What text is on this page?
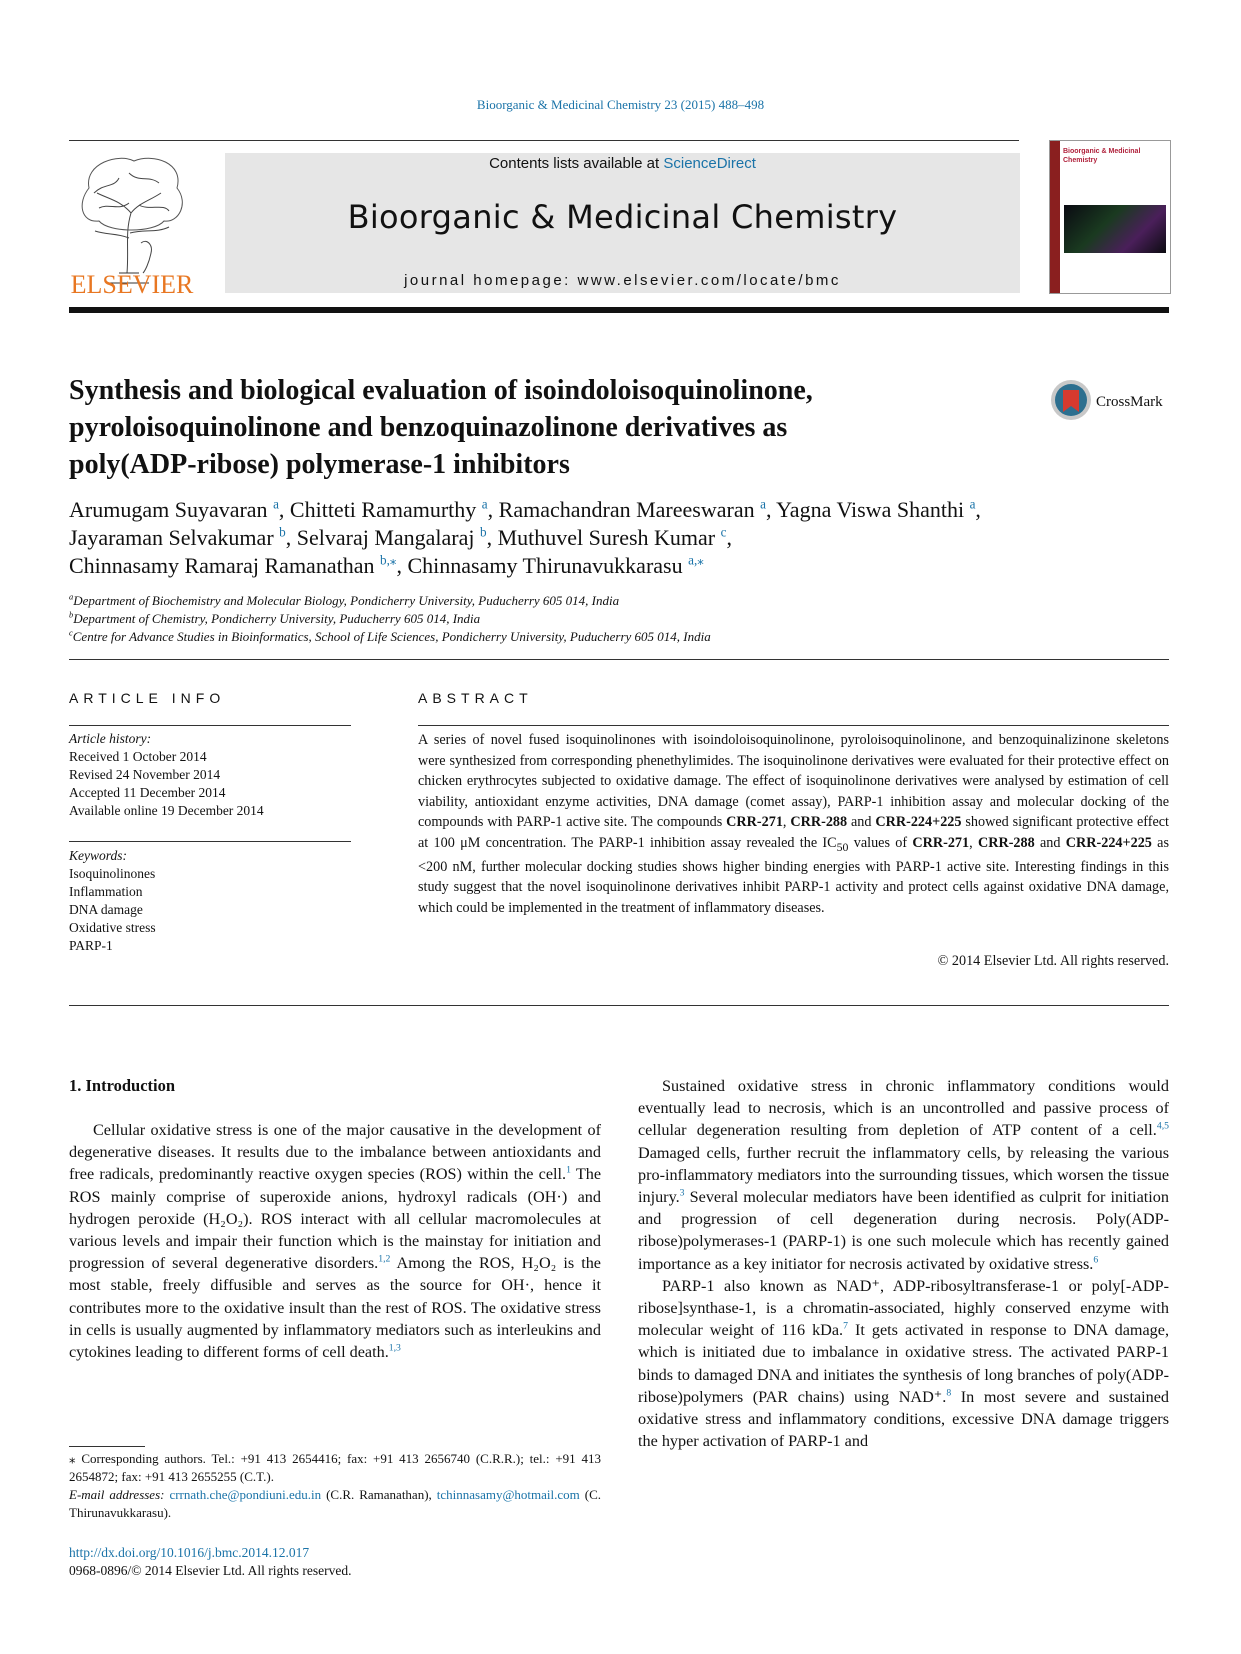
Bioorganic & Medicinal Chemistry 23 (2015) 488–498
ELSEVIER
Contents lists available at ScienceDirect
Bioorganic & Medicinal Chemistry
journal homepage: www.elsevier.com/locate/bmc
Bioorganic & Medicinal Chemistry
Synthesis and biological evaluation of isoindoloisoquinolinone,
pyroloisoquinolinone and benzoquinazolinone derivatives as
poly(ADP-ribose) polymerase-1 inhibitors
CrossMark
Arumugam Suyavaran $^a$, Chitteti Ramamurthy $^a$, Ramachandran Mareeswaran $^a$, Yagna Viswa Shanthi $^a$,
Jayaraman Selvakumar $^b$, Selvaraj Mangalaraj $^b$, Muthuvel Suresh Kumar $^c$,
Chinnasamy Ramaraj Ramanathan $^{b,⁎}$, Chinnasamy Thirunavukkarasu $^{a,⁎}$
$^a$Department of Biochemistry and Molecular Biology, Pondicherry University, Puducherry 605 014, India
$^b$Department of Chemistry, Pondicherry University, Puducherry 605 014, India
$^c$Centre for Advance Studies in Bioinformatics, School of Life Sciences, Pondicherry University, Puducherry 605 014, India
ARTICLE INFO	ABSTRACT
Article history:
Received 1 October 2014
Revised 24 November 2014
Accepted 11 December 2014
Available online 19 December 2014
Keywords:
Isoquinolinones
Inflammation
DNA damage
Oxidative stress
PARP-1
A series of novel fused isoquinolinones with isoindoloisoquinolinone, pyroloisoquinolinone, and benzoquinalizinone skeletons were synthesized from corresponding phenethylimides. The isoquinolinone derivatives were evaluated for their protective effect on chicken erythrocytes subjected to oxidative damage. The effect of isoquinolinone derivatives were analysed by estimation of cell viability, antioxidant enzyme activities, DNA damage (comet assay), PARP-1 inhibition assay and molecular docking of the compounds with PARP-1 active site. The compounds CRR-271, CRR-288 and CRR-224+225 showed significant protective effect at 100 μM concentration. The PARP-1 inhibition assay revealed the $IC_{50}$ values of CRR-271, CRR-288 and CRR-224+225 as <200 nM, further molecular docking studies shows higher binding energies with PARP-1 active site. Interesting findings in this study suggest that the novel isoquinolinone derivatives inhibit PARP-1 activity and protect cells against oxidative DNA damage, which could be implemented in the treatment of inflammatory diseases.
© 2014 Elsevier Ltd. All rights reserved.
1. Introduction
Cellular oxidative stress is one of the major causative in the development of degenerative diseases. It results due to the imbalance between antioxidants and free radicals, predominantly reactive oxygen species (ROS) within the cell.$^1$ The ROS mainly comprise of superoxide anions, hydroxyl radicals (OH·) and hydrogen peroxide (H₂O₂). ROS interact with all cellular macromolecules at various levels and impair their function which is the mainstay for initiation and progression of several degenerative disorders.$^{1,2}$ Among the ROS, H₂O₂ is the most stable, freely diffusible and serves as the source for OH·, hence it contributes more to the oxidative insult than the rest of ROS. The oxidative stress in cells is usually augmented by inflammatory mediators such as interleukins and cytokines leading to different forms of cell death.$^{1,3}$

Sustained oxidative stress in chronic inflammatory conditions would eventually lead to necrosis, which is an uncontrolled and passive process of cellular degeneration resulting from depletion of ATP content of a cell.$^{4,5}$ Damaged cells, further recruit the inflammatory cells, by releasing the various pro-inflammatory mediators into the surrounding tissues, which worsen the tissue injury.$^3$ Several molecular mediators have been identified as culprit for initiation and progression of cell degeneration during necrosis. Poly(ADP-ribose)polymerases-1 (PARP-1) is one such molecule which has recently gained importance as a key initiator for necrosis activated by oxidative stress.$^6$

PARP-1 also known as NAD⁺, ADP-ribosyltransferase-1 or poly[-ADP-ribose]synthase-1, is a chromatin-associated, highly conserved enzyme with molecular weight of 116 kDa.$^7$ It gets activated in response to DNA damage, which is initiated due to imbalance in oxidative stress. The activated PARP-1 binds to damaged DNA and initiates the synthesis of long branches of poly(ADP-ribose)polymers (PAR chains) using NAD⁺.$^8$ In most severe and sustained oxidative stress and inflammatory conditions, excessive DNA damage triggers the hyper activation of PARP-1 and

⁎ Corresponding authors. Tel.: +91 413 2654416; fax: +91 413 2656740 (C.R.R.); tel.: +91 413 2654872; fax: +91 413 2655255 (C.T.).
E-mail addresses: crrnath.che@pondiuni.edu.in (C.R. Ramanathan), tchinnasamy@hotmail.com (C. Thirunavukkarasu).
http://dx.doi.org/10.1016/j.bmc.2014.12.017
0968-0896/© 2014 Elsevier Ltd. All rights reserved.
